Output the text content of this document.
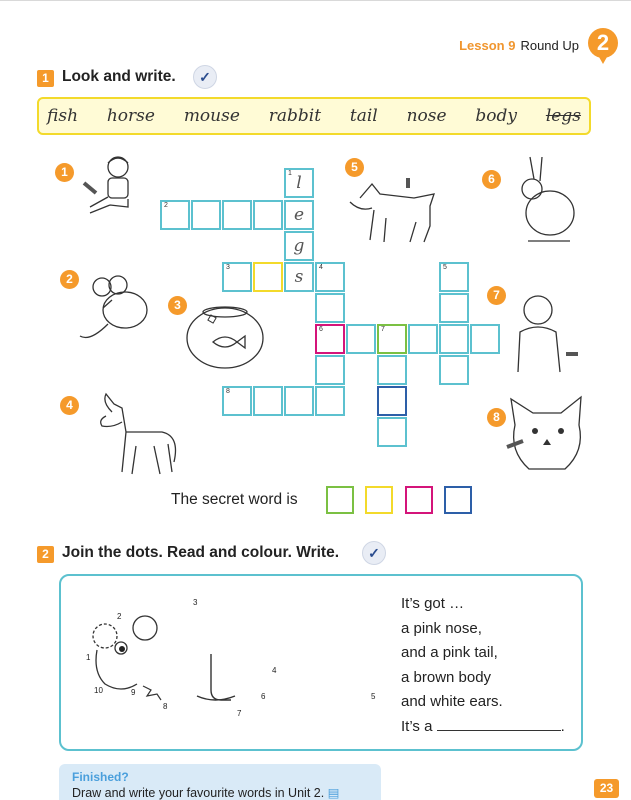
Lesson 9 Round Up 2
1 Look and write.	✓
fish horse mouse rabbit tail nose body legs
1 l
e
g
s
2
3	4
6	7
5
8
1
2
3
4
5
6
7
8
The secret word is
2 Join the dots. Read and colour. Write.	✓
2
3
4
5
6
7
8
9
10
1
It’s got …
a pink nose,
and a pink tail,
a brown body
and white ears.
It’s a	.
Finished?
Draw and write your favourite words in Unit 2. ▤	23
